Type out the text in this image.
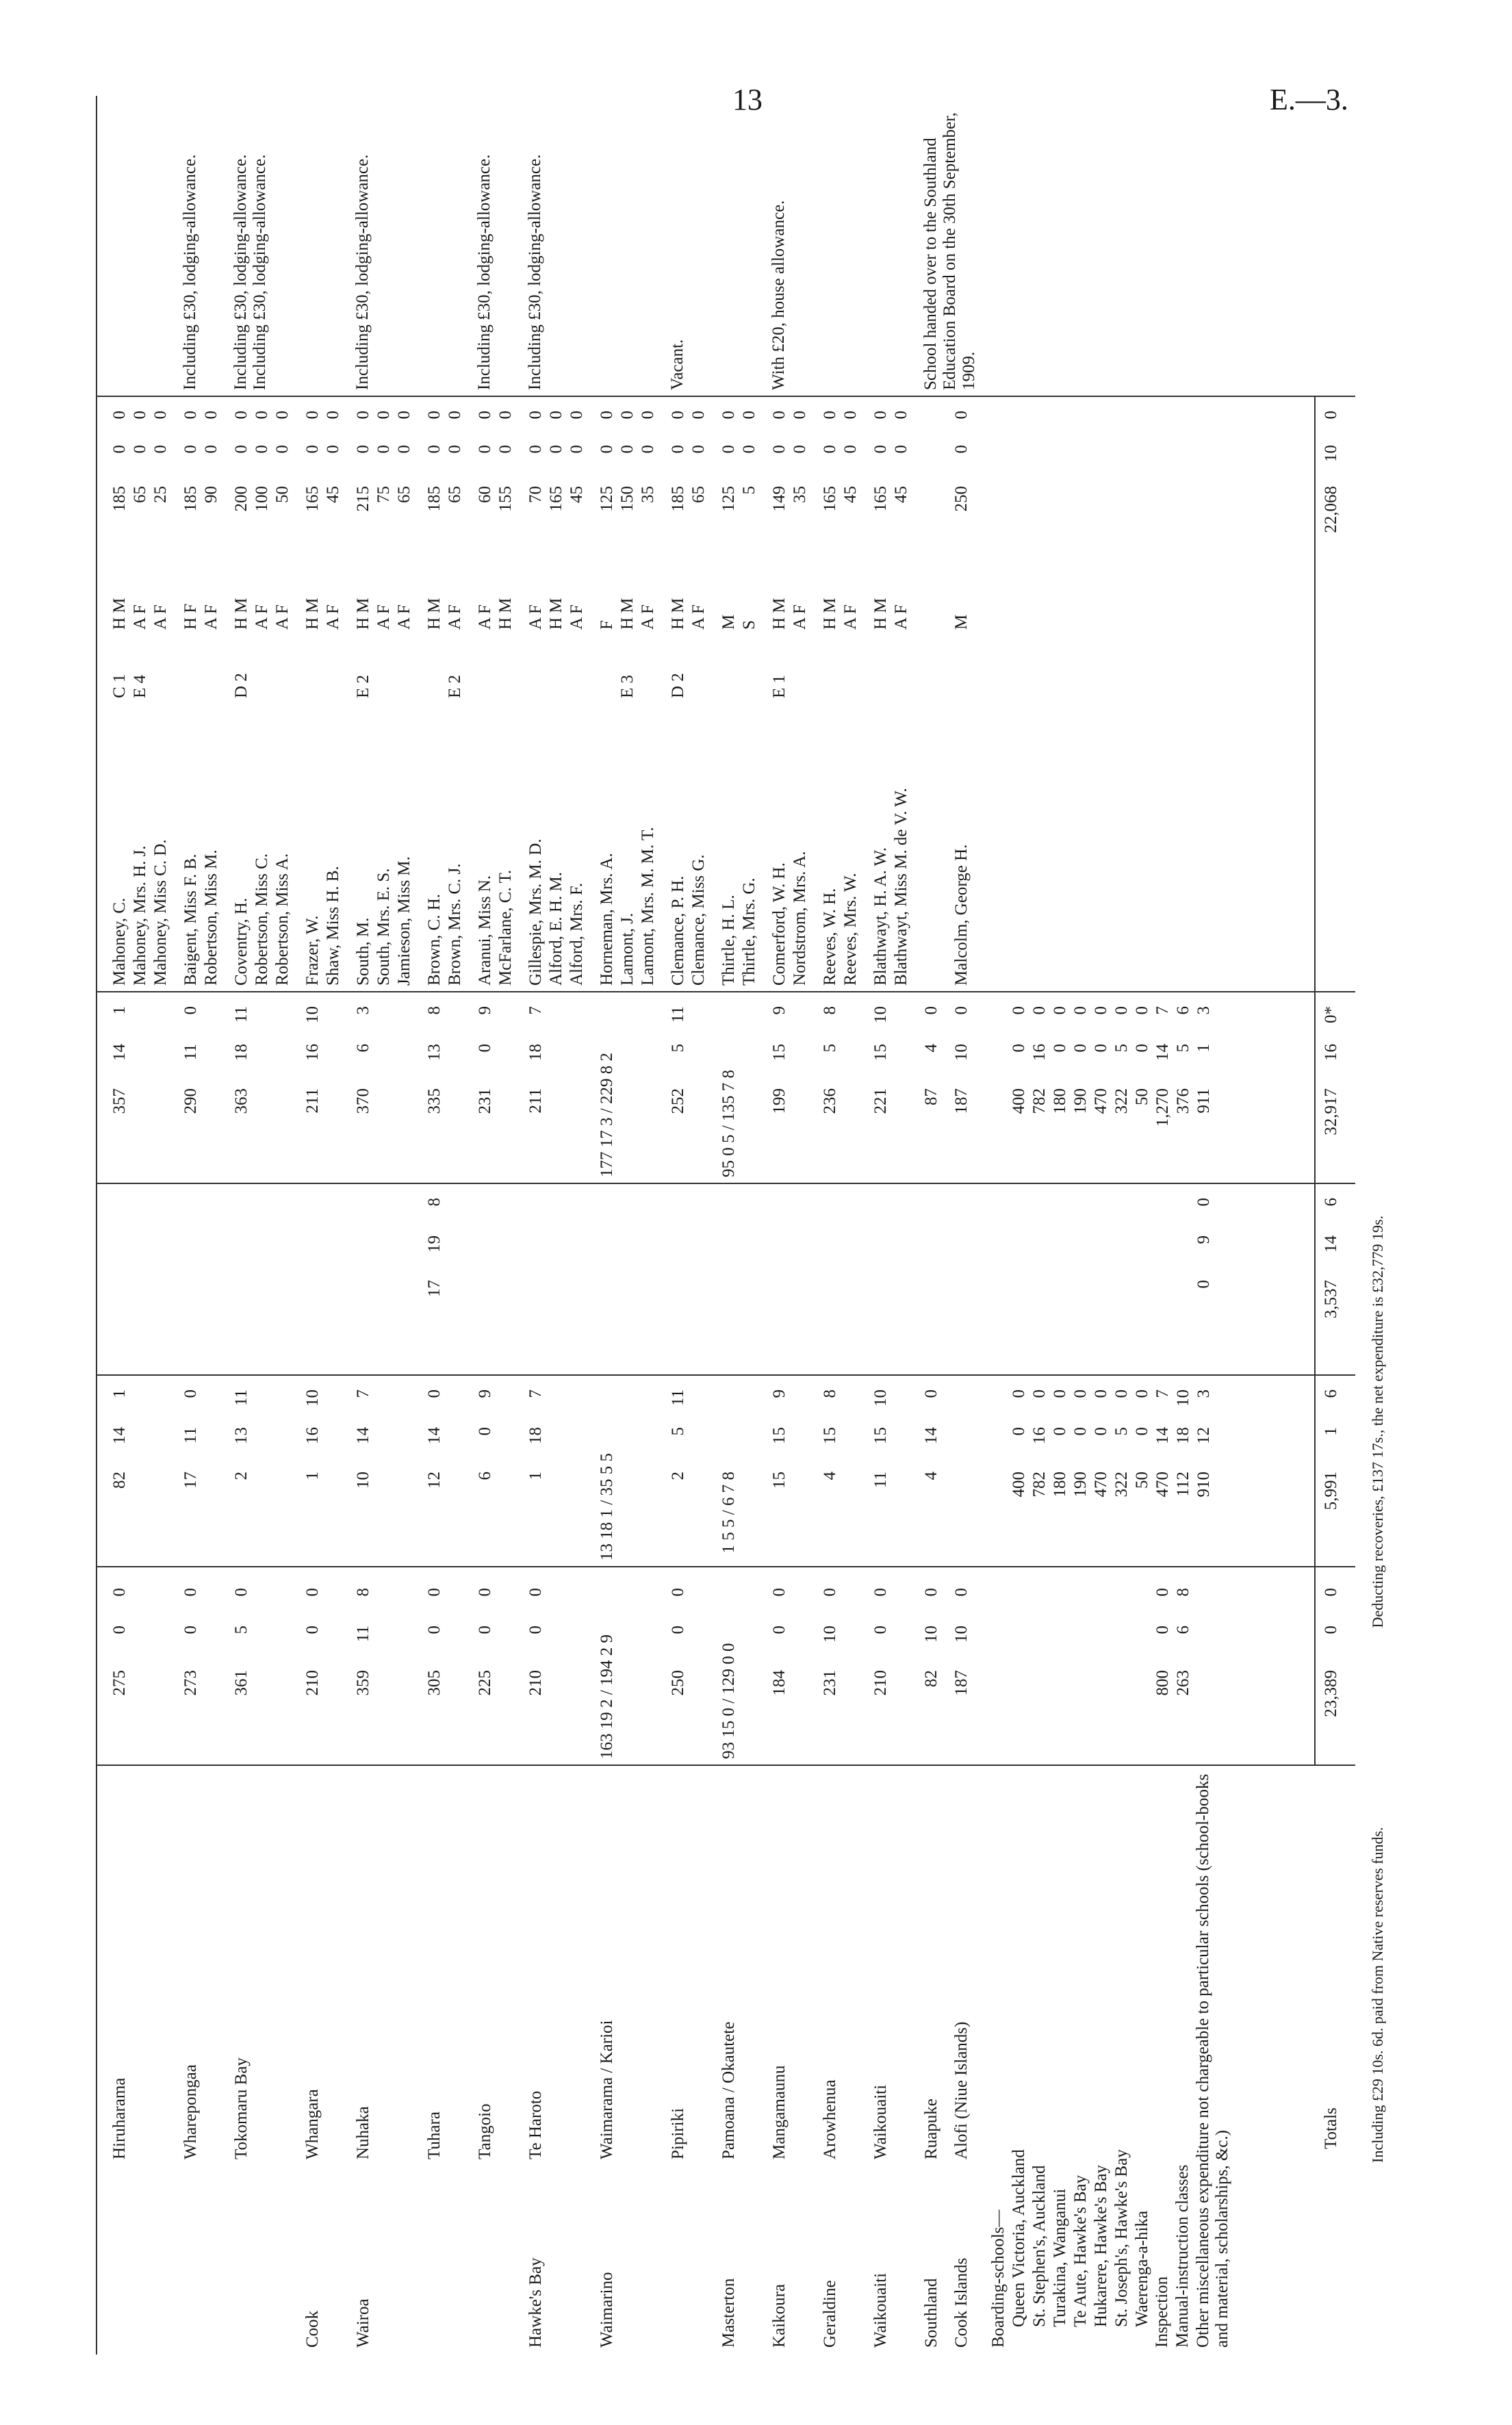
13	E.—3.
Hiruharama
275
0
0
82
14
1
357
14
1
Mahoney, C.
C 1
H M
185
0
0
Mahoney, Mrs. H. J.
E 4
A F
65
0
0
Mahoney, Miss C. D.
A F
25
0
0
Wharepongaa
273
0
0
17
11
0
290
11
0
Baigent, Miss F. B.
H F
185
0
0
Robertson, Miss M.
A F
90
0
0
Including £30, lodging-allowance.
Tokomaru Bay
361
5
0
2
13
11
363
18
11
Coventry, H.
D 2
H M
200
0
0
Robertson, Miss C.
A F
100
0
0
Robertson, Miss A.
A F
50
0
0
Including £30, lodging-allowance. Including £30, lodging-allowance.
Cook
Whangara
210
0
0
1
16
10
211
16
10
Frazer, W.
H M
165
0
0
Shaw, Miss H. B.
A F
45
0
0
Wairoa
Nuhaka
359
11
8
10
14
7
370
6
3
South, M.
E 2
H M
215
0
0
South, Mrs. E. S.
A F
75
0
0
Jamieson, Miss M.
A F
65
0
0
Including £30, lodging-allowance.
Tuhara
305
0
0
12
14
0
17
19
8
335
13
8
Brown, C. H.
H M
185
0
0
Brown, Mrs. C. J.
E 2
A F
65
0
0
Tangoio
225
0
0
6
0
9
231
0
9
Aranui, Miss N.
A F
60
0
0
McFarlane, C. T.
H M
155
0
0
Including £30, lodging-allowance.
Hawke's Bay
Te Haroto
210
0
0
1
18
7
211
18
7
Gillespie, Mrs. M. D.
A F
70
0
0
Alford, E. H. M.
H M
165
0
0
Alford, Mrs. F.
A F
45
0
0
Including £30, lodging-allowance.
Waimarino
Waimarama / Karioi
163 19 2 / 194 2 9
13 18 1 / 35 5 5
177 17 3 / 229 8 2
Horneman, Mrs. A.
F
125
0
0
Lamont, J.
E 3
H M
150
0
0
Lamont, Mrs. M. M. T.
A F
35
0
0
Pipiriki
250
0
0
2
5
11
252
5
11
Clemance, P. H.
D 2
H M
185
0
0
Clemance, Miss G.
A F
65
0
0
Vacant.
Masterton
Pamoana / Okautete
93 15 0 / 129 0 0
1 5 5 / 6 7 8
95 0 5 / 135 7 8
Thirtle, H. L.
M
125
0
0
Thirtle, Mrs. G.
S
5
0
0
Kaikoura
Mangamaunu
184
0
0
15
15
9
199
15
9
Comerford, W. H.
E 1
H M
149
0
0
Nordstrom, Mrs. A.
A F
35
0
0
With £20, house allowance.
Geraldine
Arowhenua
231
10
0
4
15
8
236
5
8
Reeves, W. H.
H M
165
0
0
Reeves, Mrs. W.
A F
45
0
0
Waikouaiti
Waikouaiti
210
0
0
11
15
10
221
15
10
Blathwayt, H. A. W.
H M
165
0
0
Blathwayt, Miss M. de V. W.
A F
45
0
0
Southland
Ruapuke
82
10
0
4
14
0
87
4
0
School handed over to the Southland Education Board on the 30th September, 1909.
Cook Islands
Alofi (Niue Islands)
187
10
0
187
10
0
Malcolm, George H.
M
250
0
0
Boarding-schools— Queen Victoria, Auckland
400
0
0
400
0
0
St. Stephen's, Auckland
782
16
0
782
16
0
Turakina, Wanganui
180
0
0
180
0
0
Te Aute, Hawke's Bay
190
0
0
190
0
0
Hukarere, Hawke's Bay
470
0
0
470
0
0
St. Joseph's, Hawke's Bay
322
5
0
322
5
0
Waerenga-a-hika
50
0
0
50
0
0
Inspection
800
0
0
470
14
7
1,270
14
7
Manual-instruction classes
263
6
8
112
18
10
376
5
6
Other miscellaneous expenditure not chargeable to particular schools (school-books and material, scholarships, &c.)
910
12
3
0
9
0
911
1
3
Totals
23,389
0
0
5,991
1
6
3,537
14
6
32,917
16
0*
22,068
10
0
Including £29 10s. 6d. paid from Native reserves funds.  Deducting recoveries, £137 17s., the net expenditure is £32,779 19s.
